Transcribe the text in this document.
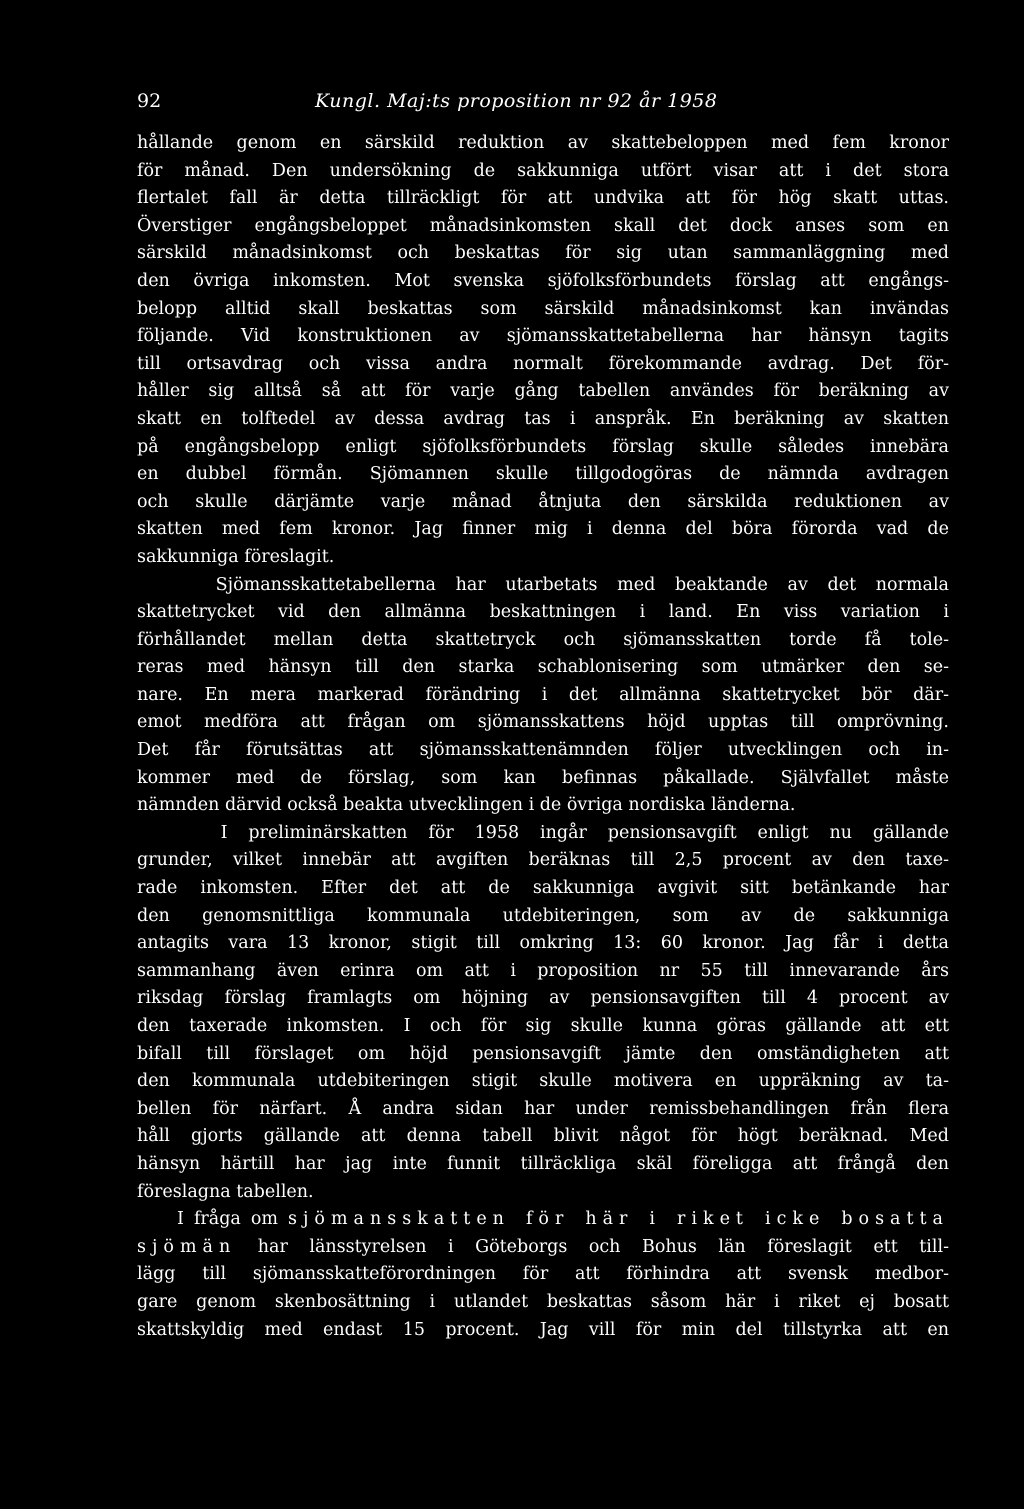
92	Kungl. Maj:ts proposition nr 92 år 1958
hållande genom en särskild reduktion av skattebeloppen med fem kronor
för månad. Den undersökning de sakkunniga utfört visar att i det stora
flertalet fall är detta tillräckligt för att undvika att för hög skatt uttas.
Överstiger engångsbeloppet månadsinkomsten skall det dock anses som en
särskild månadsinkomst och beskattas för sig utan sammanläggning med
den övriga inkomsten. Mot svenska sjöfolksförbundets förslag att engångs-
belopp alltid skall beskattas som särskild månadsinkomst kan invändas
följande. Vid konstruktionen av sjömansskattetabellerna har hänsyn tagits
till ortsavdrag och vissa andra normalt förekommande avdrag. Det för-
håller sig alltså så att för varje gång tabellen användes för beräkning av
skatt en tolftedel av dessa avdrag tas i anspråk. En beräkning av skatten
på engångsbelopp enligt sjöfolksförbundets förslag skulle således innebära
en dubbel förmån. Sjömannen skulle tillgodogöras de nämnda avdragen
och skulle därjämte varje månad åtnjuta den särskilda reduktionen av
skatten med fem kronor. Jag finner mig i denna del böra förorda vad de
sakkunniga föreslagit.
Sjömansskattetabellerna har utarbetats med beaktande av det normala
skattetrycket vid den allmänna beskattningen i land. En viss variation i
förhållandet mellan detta skattetryck och sjömansskatten torde få tole-
reras med hänsyn till den starka schablonisering som utmärker den se-
nare. En mera markerad förändring i det allmänna skattetrycket bör där-
emot medföra att frågan om sjömansskattens höjd upptas till omprövning.
Det får förutsättas att sjömansskattenämnden följer utvecklingen och in-
kommer med de förslag, som kan befinnas påkallade. Självfallet måste
nämnden därvid också beakta utvecklingen i de övriga nordiska länderna.
I preliminärskatten för 1958 ingår pensionsavgift enligt nu gällande
grunder, vilket innebär att avgiften beräknas till 2,5 procent av den taxe-
rade inkomsten. Efter det att de sakkunniga avgivit sitt betänkande har
den genomsnittliga kommunala utdebiteringen, som av de sakkunniga
antagits vara 13 kronor, stigit till omkring 13: 60 kronor. Jag får i detta
sammanhang även erinra om att i proposition nr 55 till innevarande års
riksdag förslag framlagts om höjning av pensionsavgiften till 4 procent av
den taxerade inkomsten. I och för sig skulle kunna göras gällande att ett
bifall till förslaget om höjd pensionsavgift jämte den omständigheten att
den kommunala utdebiteringen stigit skulle motivera en uppräkning av ta-
bellen för närfart. Å andra sidan har under remissbehandlingen från flera
håll gjorts gällande att denna tabell blivit något för högt beräknad. Med
hänsyn härtill har jag inte funnit tillräckliga skäl föreligga att frångå den
föreslagna tabellen.
I fråga om sjömansskatten för här i riket icke bosatta
sjömän har länsstyrelsen i Göteborgs och Bohus län föreslagit ett till-
lägg till sjömansskatteförordningen för att förhindra att svensk medbor-
gare genom skenbosättning i utlandet beskattas såsom här i riket ej bosatt
skattskyldig med endast 15 procent. Jag vill för min del tillstyrka att en
